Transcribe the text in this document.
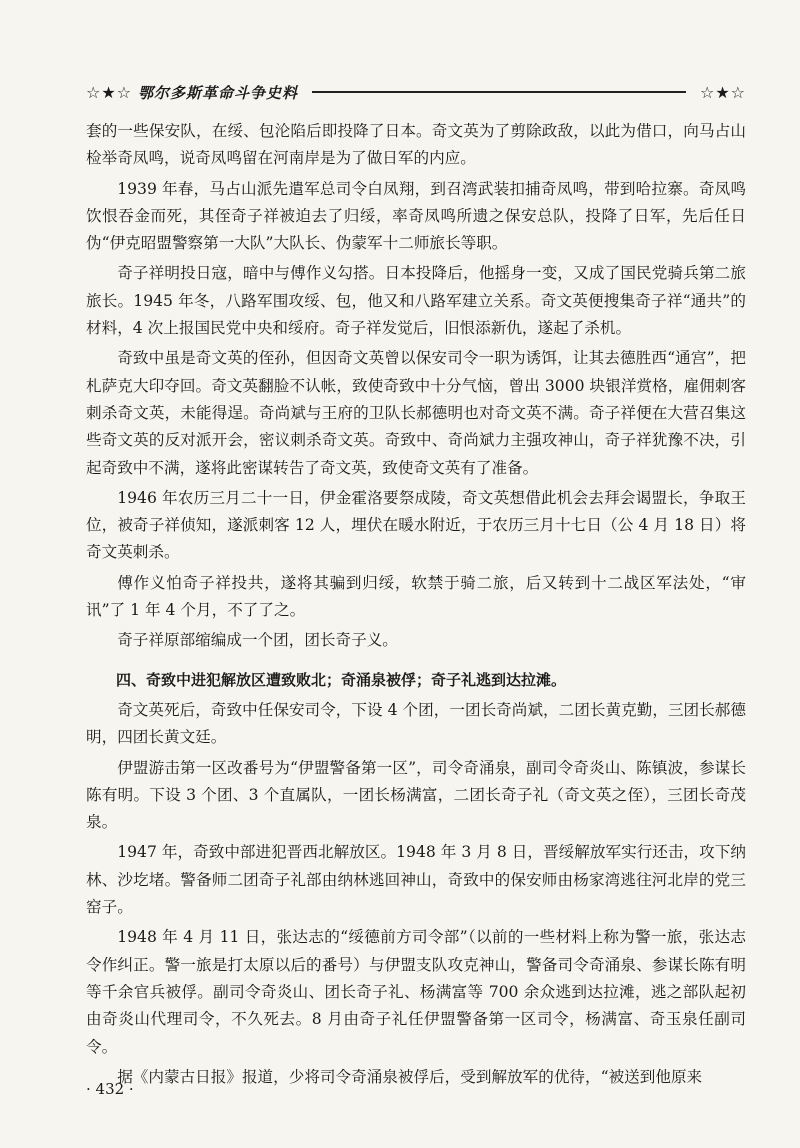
☆★☆ 鄂尔多斯革命斗争史料	☆★☆

套的一些保安队，在绥、包沦陷后即投降了日本。奇文英为了剪除政敌，以此为借口，向马占山检举奇凤鸣，说奇凤鸣留在河南岸是为了做日军的内应。

1939 年春，马占山派先遣军总司令白凤翔，到召湾武装扣捕奇凤鸣，带到哈拉寨。奇凤鸣饮恨吞金而死，其侄奇子祥被迫去了归绥，率奇凤鸣所遗之保安总队，投降了日军，先后任日伪“伊克昭盟警察第一大队”大队长、伪蒙军十二师旅长等职。

奇子祥明投日寇，暗中与傅作义勾搭。日本投降后，他摇身一变，又成了国民党骑兵第二旅旅长。1945 年冬，八路军围攻绥、包，他又和八路军建立关系。奇文英便搜集奇子祥“通共”的材料，4 次上报国民党中央和绥府。奇子祥发觉后，旧恨添新仇，遂起了杀机。

奇致中虽是奇文英的侄孙，但因奇文英曾以保安司令一职为诱饵，让其去德胜西“通宫”，把札萨克大印夺回。奇文英翻脸不认帐，致使奇致中十分气恼，曾出 3000 块银洋赏格，雇佣刺客刺杀奇文英，未能得逞。奇尚斌与王府的卫队长郝德明也对奇文英不满。奇子祥便在大营召集这些奇文英的反对派开会，密议刺杀奇文英。奇致中、奇尚斌力主强攻神山，奇子祥犹豫不决，引起奇致中不满，遂将此密谋转告了奇文英，致使奇文英有了准备。

1946 年农历三月二十一日，伊金霍洛要祭成陵，奇文英想借此机会去拜会谒盟长，争取王位，被奇子祥侦知，遂派刺客 12 人，埋伏在暖水附近，于农历三月十七日（公 4 月 18 日）将奇文英刺杀。

傅作义怕奇子祥投共，遂将其骗到归绥，软禁于骑二旅，后又转到十二战区军法处，“审讯”了 1 年 4 个月，不了了之。

奇子祥原部缩编成一个团，团长奇子义。

四、奇致中进犯解放区遭致败北；奇涌泉被俘；奇子礼逃到达拉滩。

奇文英死后，奇致中任保安司令，下设 4 个团，一团长奇尚斌，二团长黄克勤，三团长郝德明，四团长黄文廷。

伊盟游击第一区改番号为“伊盟警备第一区”，司令奇涌泉，副司令奇炎山、陈镇波，参谋长陈有明。下设 3 个团、3 个直属队，一团长杨满富，二团长奇子礼（奇文英之侄），三团长奇茂泉。

1947 年，奇致中部进犯晋西北解放区。1948 年 3 月 8 日，晋绥解放军实行还击，攻下纳林、沙圪堵。警备师二团奇子礼部由纳林逃回神山，奇致中的保安师由杨家湾逃往河北岸的党三窑子。

1948 年 4 月 11 日，张达志的“绥德前方司令部”（以前的一些材料上称为警一旅，张达志令作纠正。警一旅是打太原以后的番号）与伊盟支队攻克神山，警备司令奇涌泉、参谋长陈有明等千余官兵被俘。副司令奇炎山、团长奇子礼、杨满富等 700 余众逃到达拉滩，逃之部队起初由奇炎山代理司令，不久死去。8 月由奇子礼任伊盟警备第一区司令，杨满富、奇玉泉任副司令。

据《内蒙古日报》报道，少将司令奇涌泉被俘后，受到解放军的优待，“被送到他原来

· 432 ·
